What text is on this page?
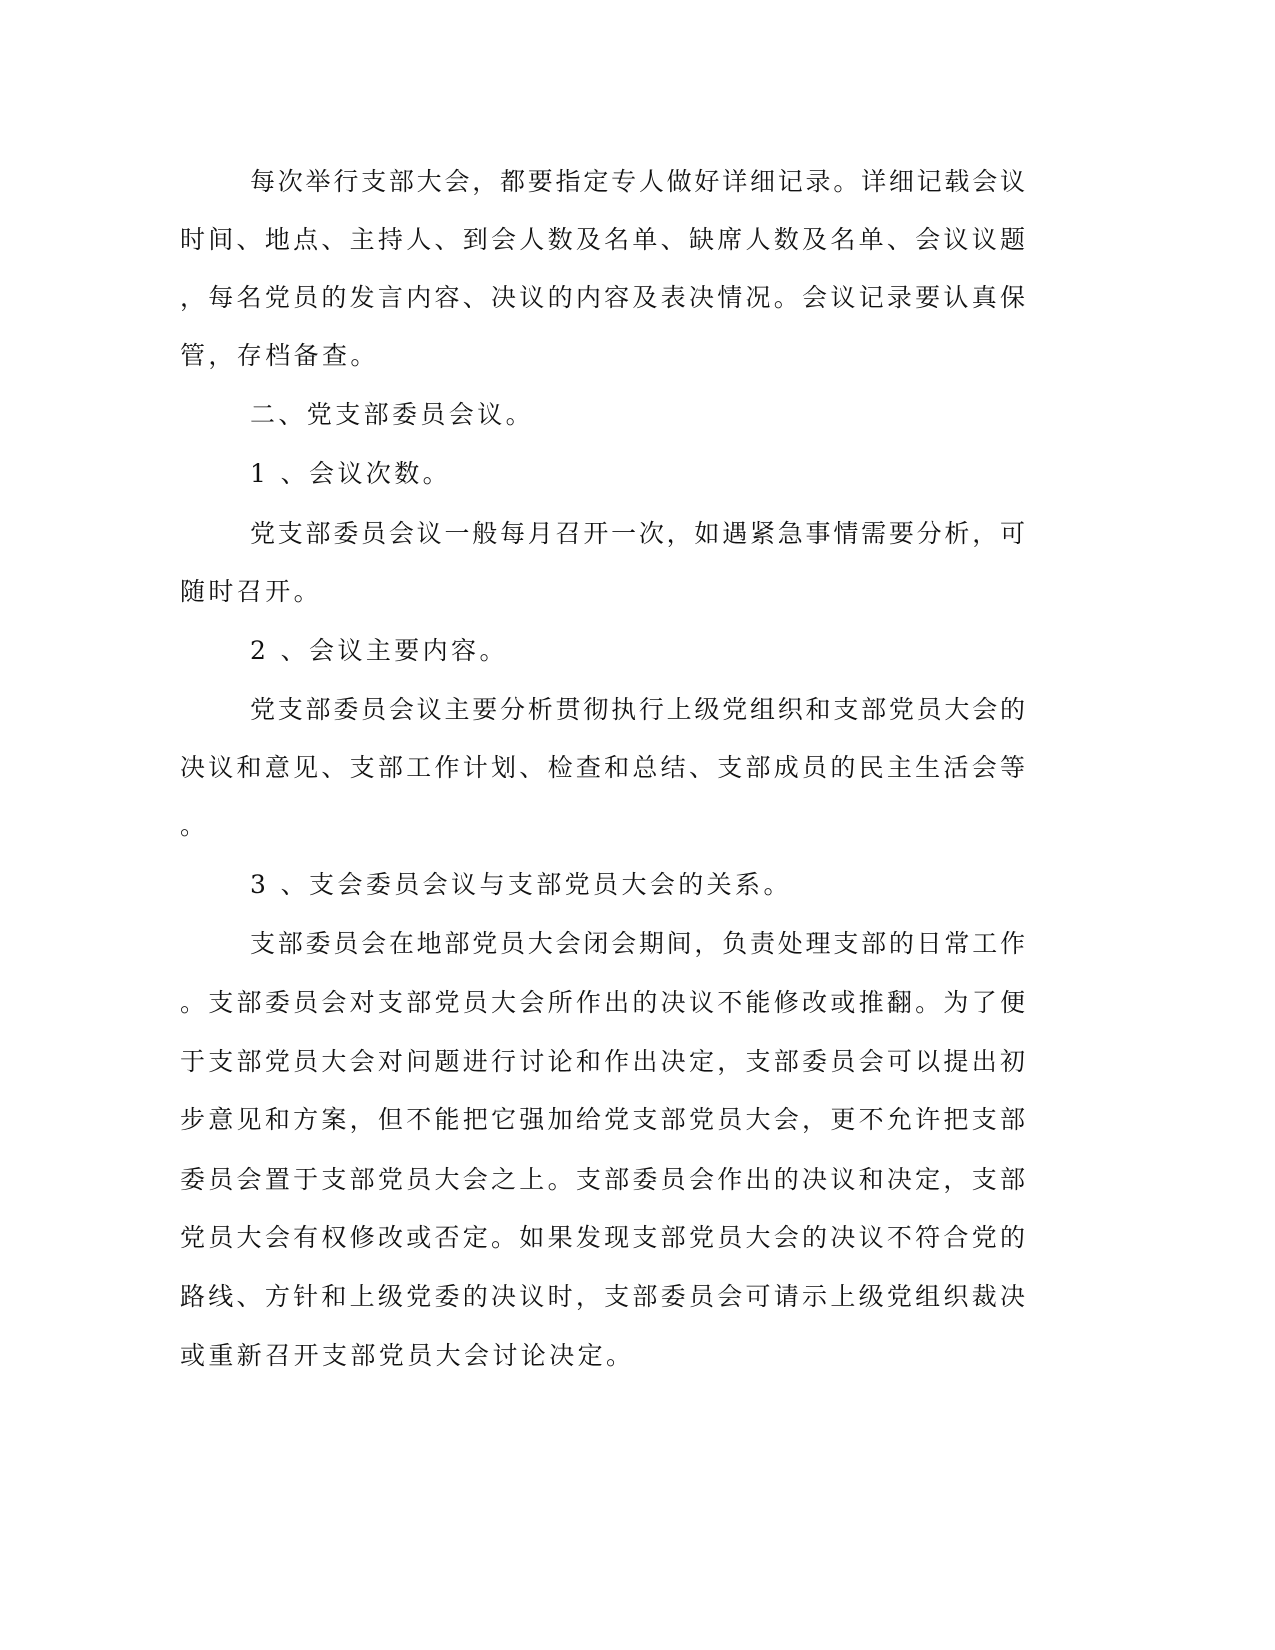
每次举行支部大会，都要指定专人做好详细记录。详细记载会议
时间、地点、主持人、到会人数及名单、缺席人数及名单、会议议题
，每名党员的发言内容、决议的内容及表决情况。会议记录要认真保
管，存档备查。
二、党支部委员会议。
1 、会议次数。
党支部委员会议一般每月召开一次，如遇紧急事情需要分析，可
随时召开。
2 、会议主要内容。
党支部委员会议主要分析贯彻执行上级党组织和支部党员大会的
决议和意见、支部工作计划、检查和总结、支部成员的民主生活会等
。
3 、支会委员会议与支部党员大会的关系。
支部委员会在地部党员大会闭会期间，负责处理支部的日常工作
。支部委员会对支部党员大会所作出的决议不能修改或推翻。为了便
于支部党员大会对问题进行讨论和作出决定，支部委员会可以提出初
步意见和方案，但不能把它强加给党支部党员大会，更不允许把支部
委员会置于支部党员大会之上。支部委员会作出的决议和决定，支部
党员大会有权修改或否定。如果发现支部党员大会的决议不符合党的
路线、方针和上级党委的决议时，支部委员会可请示上级党组织裁决
或重新召开支部党员大会讨论决定。
